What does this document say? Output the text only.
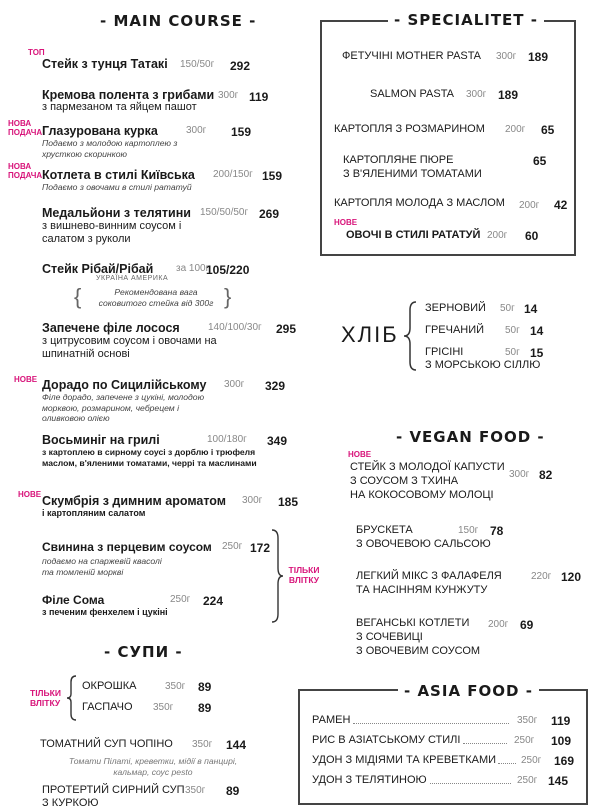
- MAIN COURSE -
ТОП
Стейк з тунця Татакі 150/50г 292
Кремова полента з грибами
з пармезаном та яйцем пашот
300г 119
НОВА ПОДАЧА Глазурована курка	300г 159
Подаємо з молодою картоплею з хрусткою скоринкою
НОВА ПОДАЧА Котлета в стилі Київська 200/150г 159
Подаємо з овочами в стилі рататуй
Медальйони з телятини 150/50/50г 269
з вишнево-винним соусом і салатом з руколи
Стейк Рібай/Рібай
УКРАЇНА АМЕРИКА
за 100г
105/220
{	Рекомендована вага соковитого стейка від 300г }
Запечене філе лосося	140/100/30г 295
з цитрусовим соусом і овочами на шпинатній основі
НОВЕ Дорадо по Сицилійському 300г 329
Філе дорадо, запечене з цукіні, молодою морквою, розмарином, чебрецем і оливковою олією
Восьминіг на грилі	100/180г 349
з картоплею в сирному соусі з дорблю і трюфеля маслом, в'яленими томатами, черрі та маслинами
НОВЕ Скумбрія з димним ароматом 300г 185
і картопляним салатом
Свинина з перцевим соусом 250г 172
подаємо на спаржевій квасолі та томленій моркві
Філе Сома	250г 224
з печеним фенхелем і цукіні
ТІЛЬКИ ВЛІТКУ
- СУПИ -
ТІЛЬКИ ВЛІТКУ
ОКРОШКА	350г 89
ГАСПАЧО 350г 89
ТОМАТНИЙ СУП ЧОПІНО 350г 144
Томати Пілаті, креветки, мідії в панцирі, кальмар, соус pesto
ПРОТЕРТИЙ СИРНИЙ СУП
З КУРКОЮ
350г 89
- SPECIALITET -
ФЕТУЧІНІ MOTHER PASTA 300г 189
SALMON PASTA 300г 189
КАРТОПЛЯ З РОЗМАРИНОМ 200г 65
КАРТОПЛЯНЕ ПЮРЕ
З В'ЯЛЕНИМИ ТОМАТАМИ
65
КАРТОПЛЯ МОЛОДА З МАСЛОМ 200г 42
НОВЕ
ОВОЧІ В СТИЛІ РАТАТУЙ 200г 60
ХЛІБ
ЗЕРНОВИЙ 50г 14
ГРЕЧАНИЙ 50г 14
ГРІСІНІ
З МОРСЬКОЮ СІЛЛЮ
50г 15
- VEGAN FOOD -
НОВЕ
СТЕЙК З МОЛОДОЇ КАПУСТИ
З СОУСОМ З ТХИНА
НА КОКОСОВОМУ МОЛОЦІ
300г 82
БРУСКЕТА
З ОВОЧЕВОЮ САЛЬСОЮ
150г 78
ЛЕГКИЙ МІКС З ФАЛАФЕЛЯ
ТА НАСІННЯМ КУНЖУТУ
220г 120
ВЕГАНСЬКІ КОТЛЕТИ
З СОЧЕВИЦІ
З ОВОЧЕВИМ СОУСОМ
200г 69
- ASIA FOOD -
РАМЕН	350г 119
РИС В АЗІАТСЬКОМУ СТИЛІ	250г 109
УДОН З МІДІЯМИ ТА КРЕВЕТКАМИ 250г 169
УДОН З ТЕЛЯТИНОЮ	250г 145
